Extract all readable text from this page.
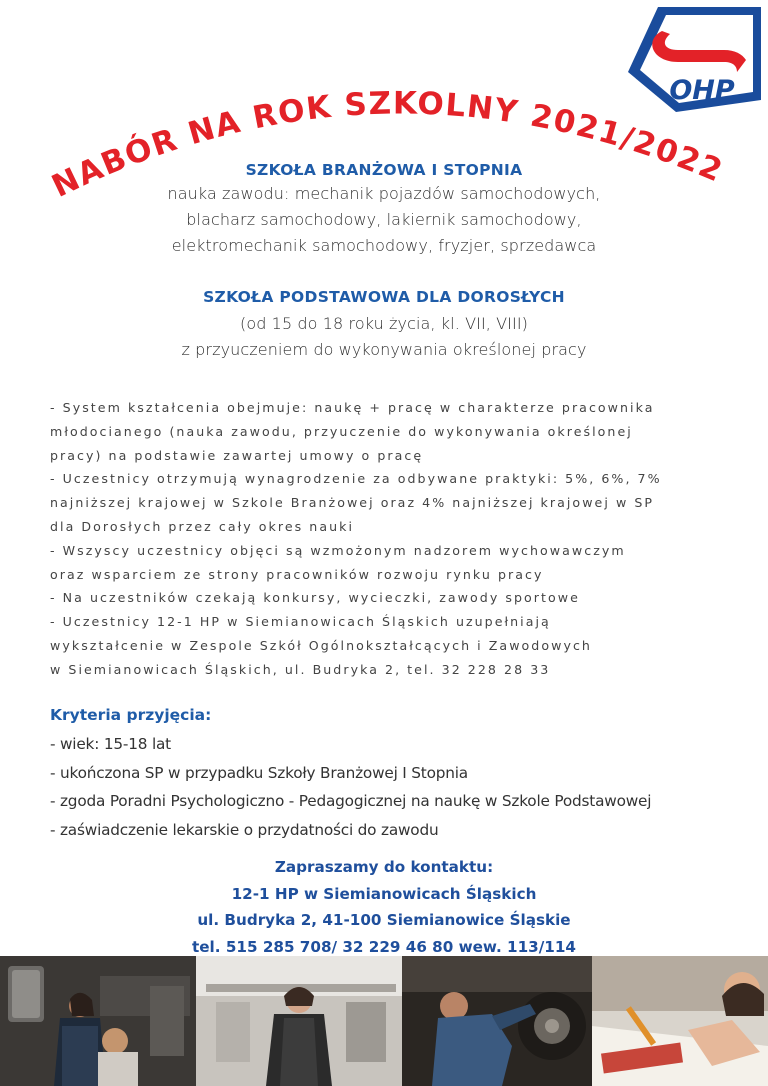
OHP
NABÓR NA ROK SZKOLNY 2021/2022
SZKOŁA BRANŻOWA I STOPNIA
nauka zawodu: mechanik pojazdów samochodowych,
blacharz samochodowy, lakiernik samochodowy,
elektromechanik samochodowy, fryzjer, sprzedawca
SZKOŁA PODSTAWOWA DLA DOROSŁYCH
(od 15 do 18 roku życia, kl. VII, VIII)
z przyuczeniem do wykonywania określonej pracy

- System kształcenia obejmuje: naukę + pracę w charakterze pracownika

młodocianego (nauka zawodu, przyuczenie do wykonywania określonej

pracy) na podstawie zawartej umowy o pracę

- Uczestnicy otrzymują wynagrodzenie za odbywane praktyki: 5%, 6%, 7%

najniższej krajowej w Szkole Branżowej oraz 4% najniższej krajowej w SP

dla Dorosłych przez cały okres nauki

- Wszyscy uczestnicy objęci są wzmożonym nadzorem wychowawczym

oraz wsparciem ze strony pracowników rozwoju rynku pracy

- Na uczestników czekają konkursy, wycieczki, zawody sportowe

- Uczestnicy 12-1 HP w Siemianowicach Śląskich uzupełniają

wykształcenie w Zespole Szkół Ogólnokształcących i Zawodowych

w Siemianowicach Śląskich, ul. Budryka 2, tel. 32 228 28 33

Kryteria przyjęcia:

- wiek: 15-18 lat

- ukończona SP w przypadku Szkoły Branżowej I Stopnia

- zgoda Poradni Psychologiczno - Pedagogicznej na naukę w Szkole Podstawowej

- zaświadczenie lekarskie o przydatności do zawodu

Zapraszamy do kontaktu:

12-1 HP w Siemianowicach Śląskich

ul. Budryka 2, 41-100 Siemianowice Śląskie

tel. 515 285 708/ 32 229 46 80 wew. 113/114
